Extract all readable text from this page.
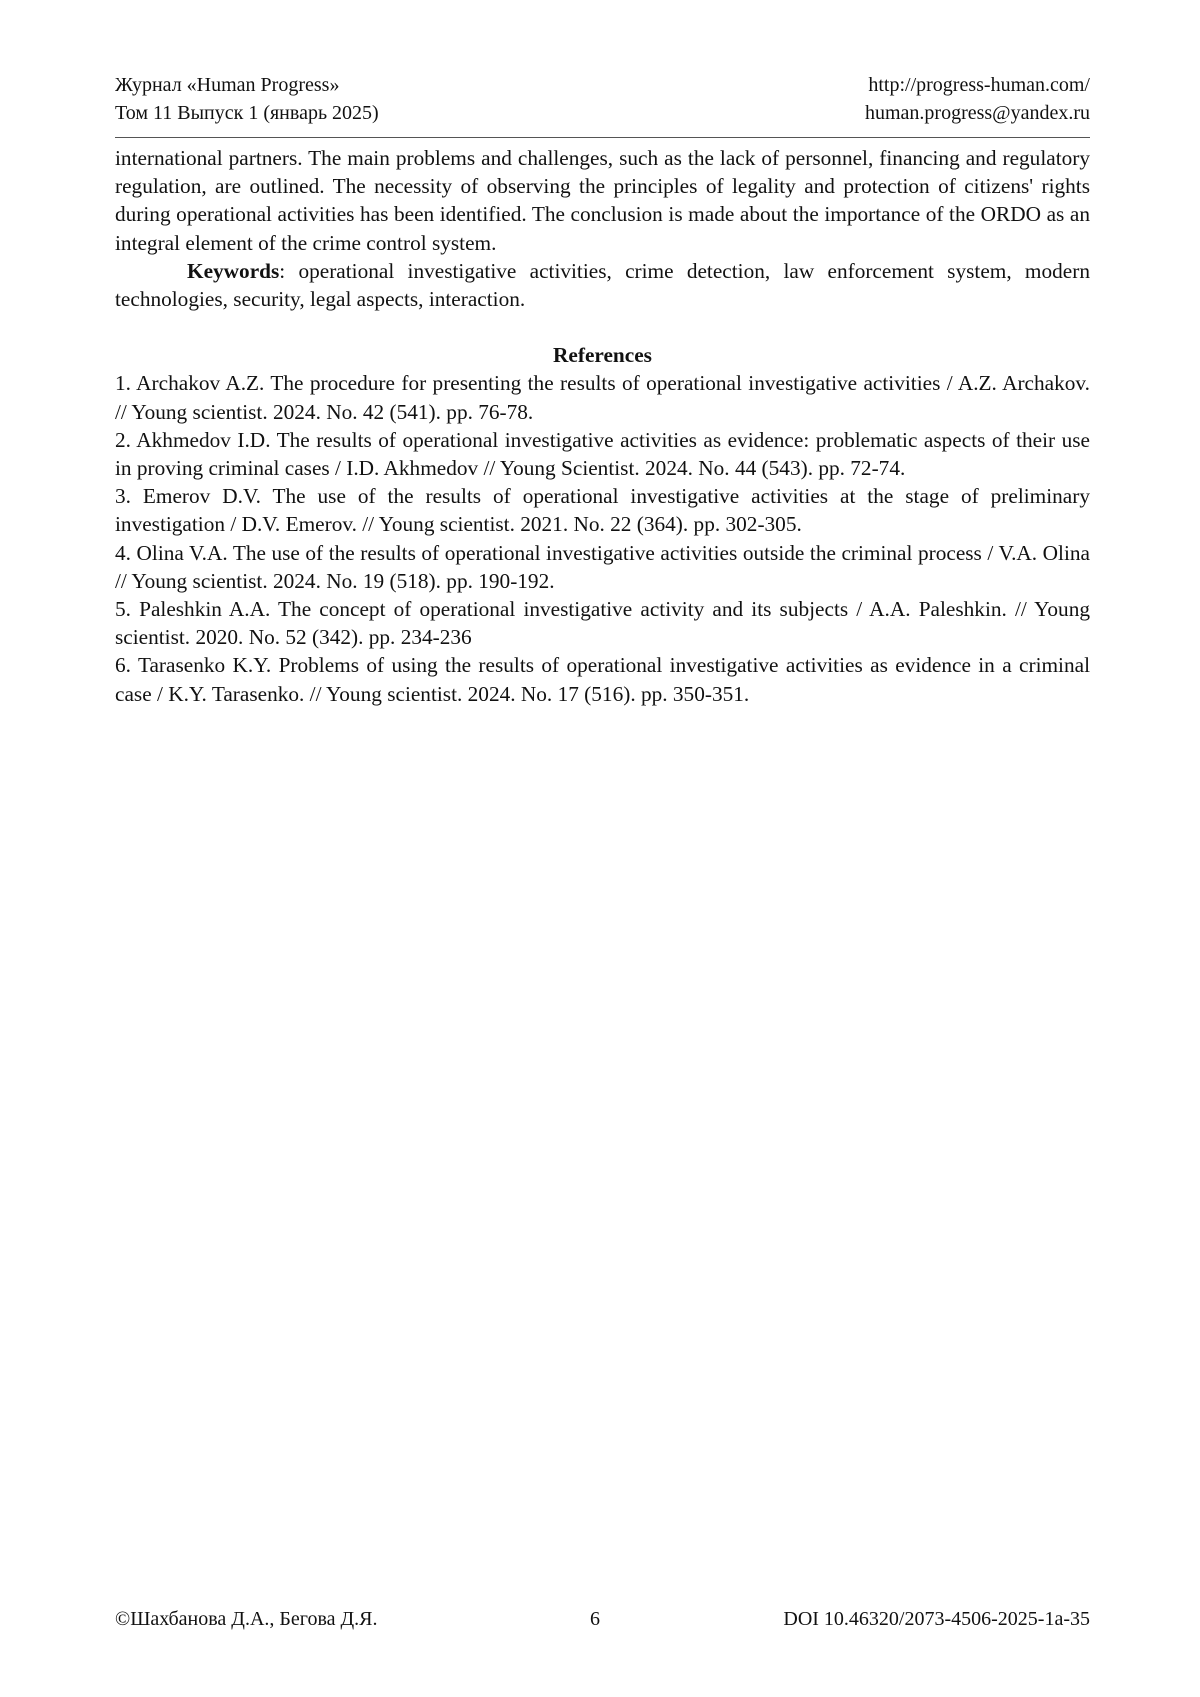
Журнал «Human Progress»	http://progress-human.com/
Том 11 Выпуск 1 (январь 2025)	human.progress@yandex.ru

international partners. The main problems and challenges, such as the lack of personnel, financing and regulatory regulation, are outlined. The necessity of observing the principles of legality and protection of citizens' rights during operational activities has been identified. The conclusion is made about the importance of the ORDO as an integral element of the crime control system.

Keywords: operational investigative activities, crime detection, law enforcement system, modern technologies, security, legal aspects, interaction.

References

1. Archakov A.Z. The procedure for presenting the results of operational investigative activities / A.Z. Archakov. // Young scientist. 2024. No. 42 (541). pp. 76-78.

2. Akhmedov I.D. The results of operational investigative activities as evidence: problematic aspects of their use in proving criminal cases / I.D. Akhmedov // Young Scientist. 2024. No. 44 (543). pp. 72-74.

3. Emerov D.V. The use of the results of operational investigative activities at the stage of preliminary investigation / D.V. Emerov. // Young scientist. 2021. No. 22 (364). pp. 302-305.

4. Olina V.A. The use of the results of operational investigative activities outside the criminal process / V.A. Olina // Young scientist. 2024. No. 19 (518). pp. 190-192.

5. Paleshkin A.A. The concept of operational investigative activity and its subjects / A.A. Paleshkin. // Young scientist. 2020. No. 52 (342). pp. 234-236

6. Tarasenko K.Y. Problems of using the results of operational investigative activities as evidence in a criminal case / K.Y. Tarasenko. // Young scientist. 2024. No. 17 (516). pp. 350-351.

©Шахбанова Д.А., Бегова Д.Я.	6	DOI 10.46320/2073-4506-2025-1a-35
